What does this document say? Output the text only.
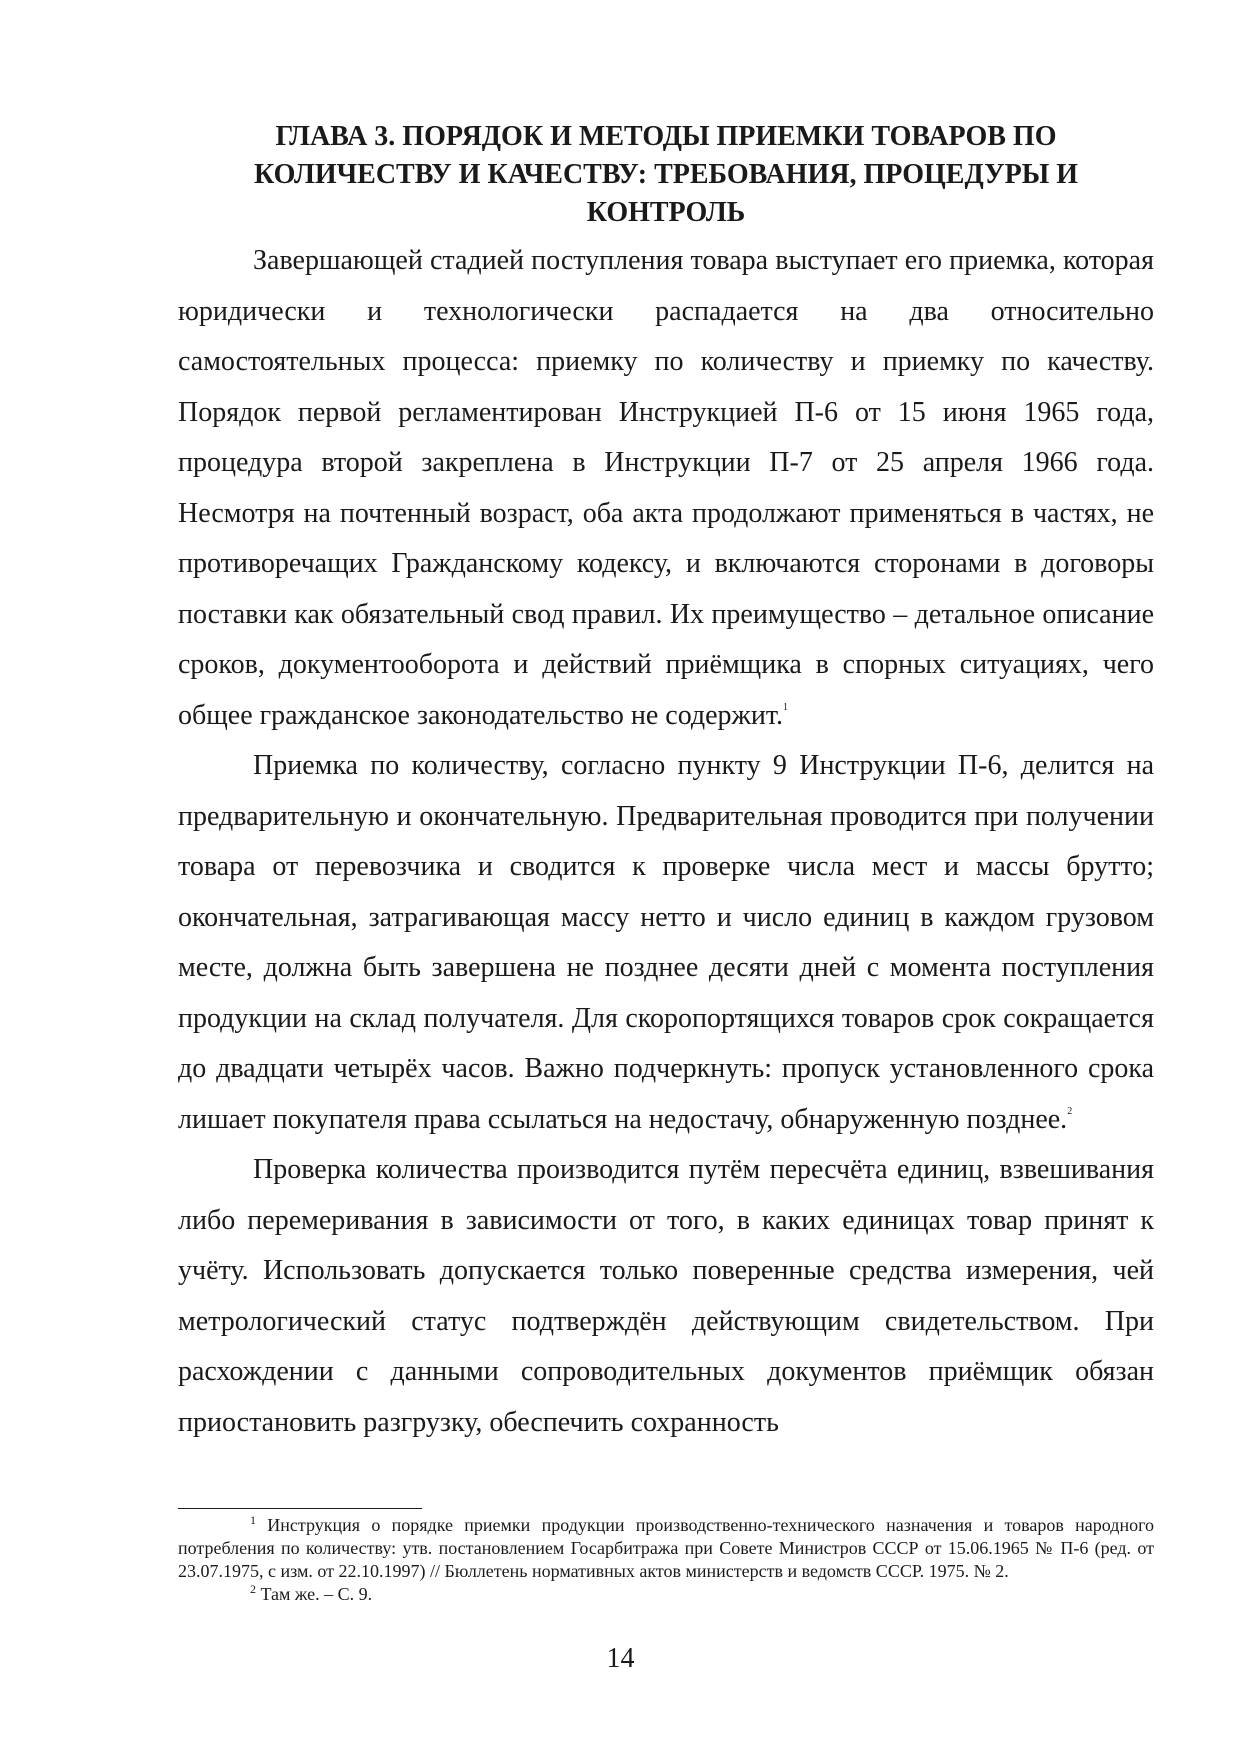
ГЛАВА 3. ПОРЯДОК И МЕТОДЫ ПРИЕМКИ ТОВАРОВ ПО
КОЛИЧЕСТВУ И КАЧЕСТВУ: ТРЕБОВАНИЯ, ПРОЦЕДУРЫ И
КОНТРОЛЬ

Завершающей стадией поступления товара выступает его приемка, которая юридически и технологически распадается на два относительно самостоятельных процесса: приемку по количеству и приемку по качеству. Порядок первой регламентирован Инструкцией П-6 от 15 июня 1965 года, процедура второй закреплена в Инструкции П-7 от 25 апреля 1966 года. Несмотря на почтенный возраст, оба акта продолжают применяться в частях, не противоречащих Гражданскому кодексу, и включаются сторонами в договоры поставки как обязательный свод правил. Их преимущество – детальное описание сроков, документооборота и действий приёмщика в спорных ситуациях, чего общее гражданское законодательство не содержит.$^1$

Приемка по количеству, согласно пункту 9 Инструкции П-6, делится на предварительную и окончательную. Предварительная проводится при получении товара от перевозчика и сводится к проверке числа мест и массы брутто; окончательная, затрагивающая массу нетто и число единиц в каждом грузовом месте, должна быть завершена не позднее десяти дней с момента поступления продукции на склад получателя. Для скоропортящихся товаров срок сокращается до двадцати четырёх часов. Важно подчеркнуть: пропуск установленного срока лишает покупателя права ссылаться на недостачу, обнаруженную позднее.$^2$

Проверка количества производится путём пересчёта единиц, взвешивания либо перемеривания в зависимости от того, в каких единицах товар принят к учёту. Использовать допускается только поверенные средства измерения, чей метрологический статус подтверждён действующим свидетельством. При расхождении с данными сопроводительных документов приёмщик обязан приостановить разгрузку, обеспечить сохранность

$^1$ Инструкция о порядке приемки продукции производственно-технического назначения и товаров народного потребления по количеству: утв. постановлением Госарбитража при Совете Министров СССР от 15.06.1965 № П-6 (ред. от 23.07.1975, с изм. от 22.10.1997) // Бюллетень нормативных актов министерств и ведомств СССР. 1975. № 2.

$^2$ Там же. – С. 9.

14
